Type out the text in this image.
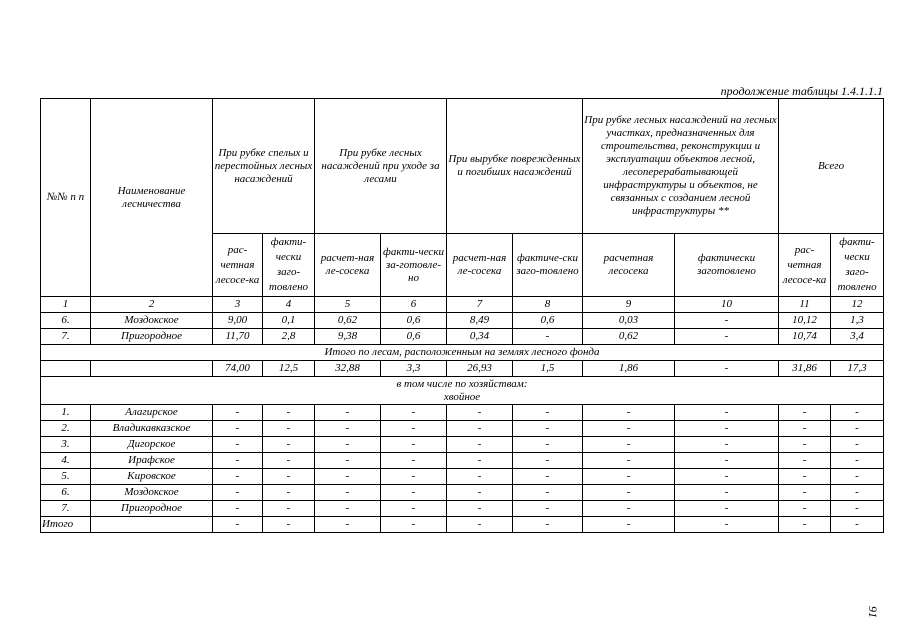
продолжение таблицы 1.4.1.1.1
№№ п п	Наименование лесничества	При рубке спелых и перестойных лесных насаждений		При рубке лесных насаждений при уходе за лесами		При вырубке поврежденных и погибших насаждений		При рубке лесных насаждений на лесных участках, предназначенных для строительства, реконструкции и эксплуатации объектов лесной, лесоперерабатывающей инфраструктуры и объектов, не связанных с созданием лесной инфраструктуры **		Всего	
		рас-четная лесосе-ка	факти-чески заго-товлено	расчет-ная ле-сосека	факти-чески за-готовле-но	расчет-ная ле-сосека	фактиче-ски заго-товлено	расчетная лесосека	фактически заготовлено	рас-четная лесосе-ка	факти-чески заго-товлено
1	2	3	4	5	6	7	8	9	10	11	12
6.	Моздокское	9,00	0,1	0,62	0,6	8,49	0,6	0,03	-	10,12	1,3
7.	Пригородное	11,70	2,8	9,38	0,6	0,34	-	0,62	-	10,74	3,4
Итого по лесам, расположенным на землях лесного фонда											
		74,00	12,5	32,88	3,3	26,93	1,5	1,86	-	31,86	17,3

в том числе по хозяйствам:
хвойное											

1.	Алагирское	-	-	-	-	-	-	-	-	-	-
2.	Владикавказское	-	-	-	-	-	-	-	-	-	-
3.	Дигорское	-	-	-	-	-	-	-	-	-	-
4.	Ирафское	-	-	-	-	-	-	-	-	-	-
5.	Кировское	-	-	-	-	-	-	-	-	-	-
6.	Моздокское	-	-	-	-	-	-	-	-	-	-
7.	Пригородное	-	-	-	-	-	-	-	-	-	-
Итого		-	-	-	-	-	-	-	-	-	-
91
